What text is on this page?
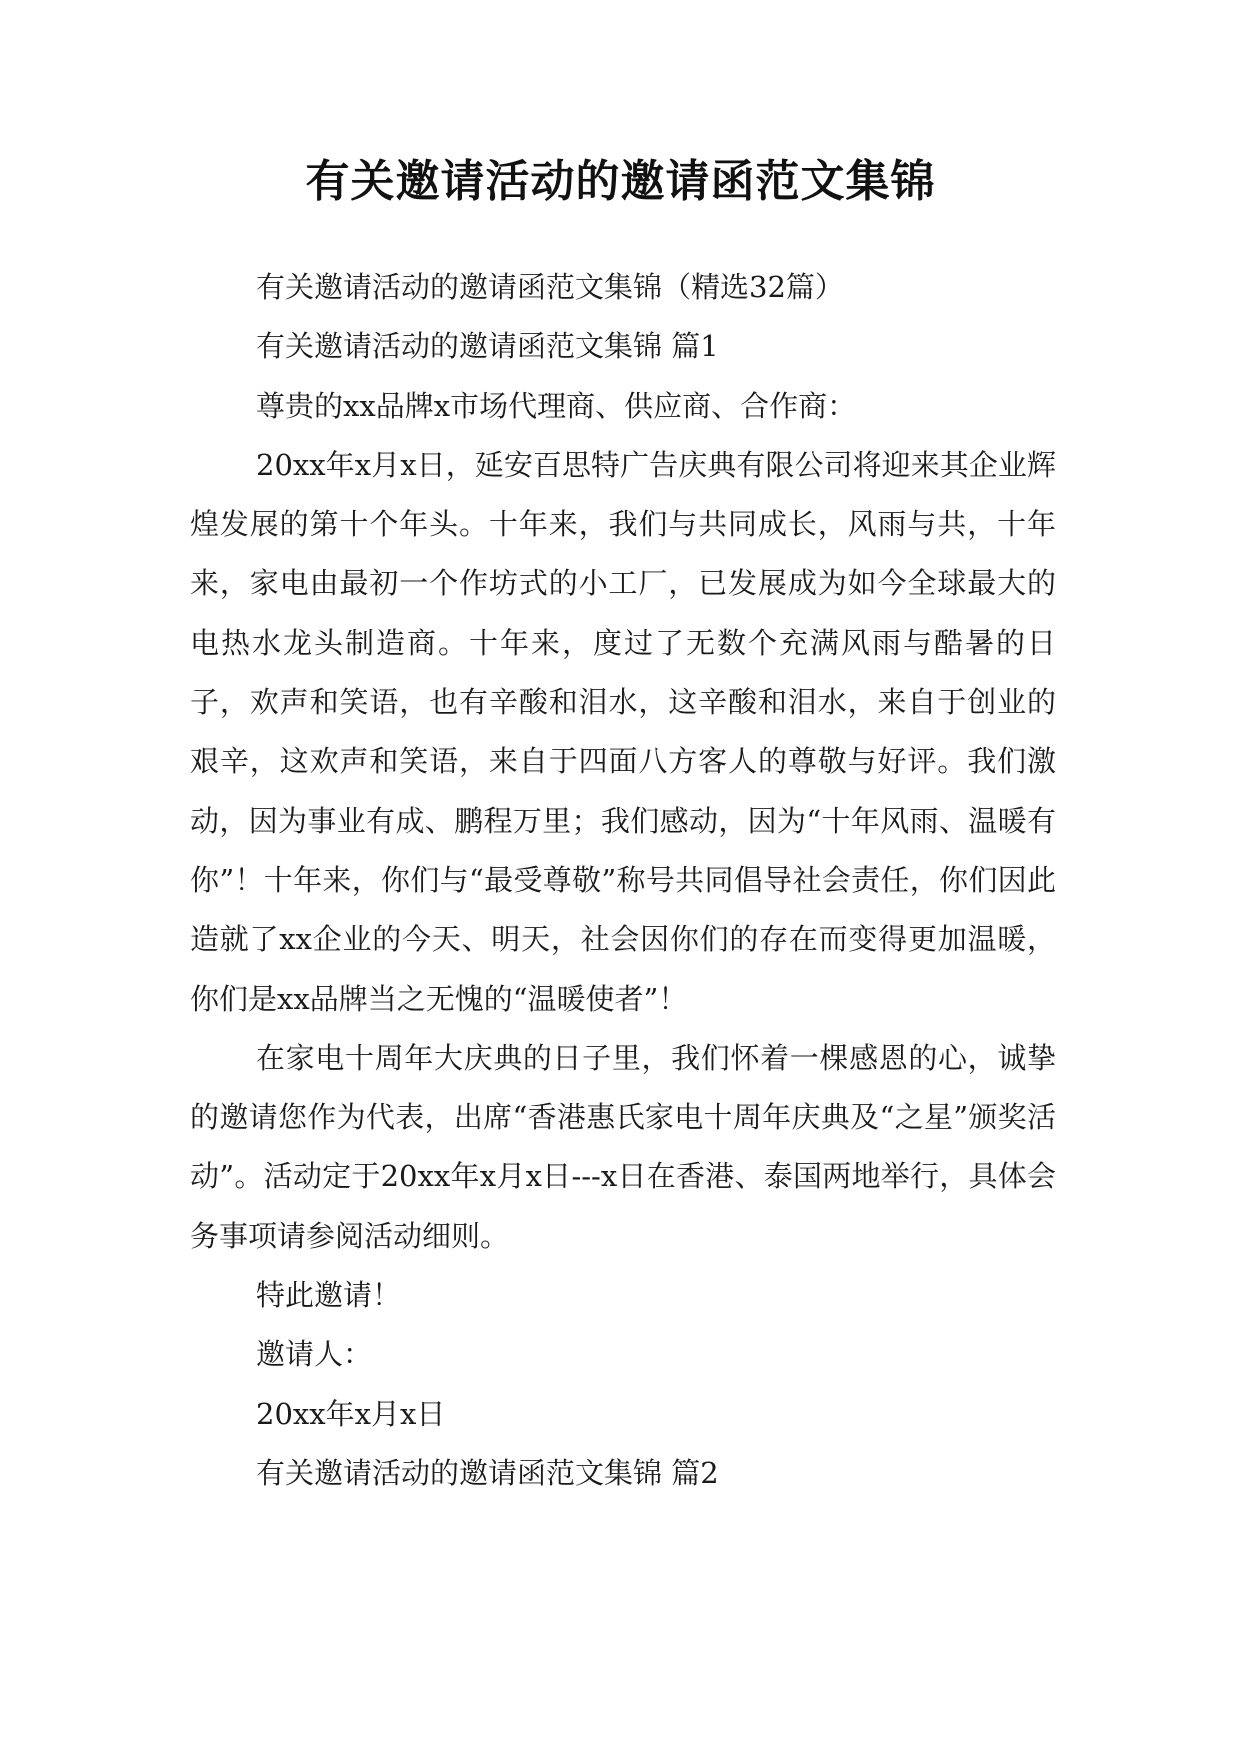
有关邀请活动的邀请函范文集锦

有关邀请活动的邀请函范文集锦（精选32篇）

有关邀请活动的邀请函范文集锦 篇1

尊贵的xx品牌x市场代理商、供应商、合作商：

20xx年x月x日，延安百思特广告庆典有限公司将迎来其企业辉煌发展的第十个年头。十年来，我们与共同成长，风雨与共，十年来，家电由最初一个作坊式的小工厂，已发展成为如今全球最大的电热水龙头制造商。十年来，度过了无数个充满风雨与酷暑的日子，欢声和笑语，也有辛酸和泪水，这辛酸和泪水，来自于创业的艰辛，这欢声和笑语，来自于四面八方客人的尊敬与好评。我们激动，因为事业有成、鹏程万里；我们感动，因为“十年风雨、温暖有你”！十年来，你们与“最受尊敬”称号共同倡导社会责任，你们因此造就了xx企业的今天、明天，社会因你们的存在而变得更加温暖，你们是xx品牌当之无愧的“温暖使者”！

在家电十周年大庆典的日子里，我们怀着一棵感恩的心，诚挚的邀请您作为代表，出席“香港惠氏家电十周年庆典及“之星”颁奖活动”。活动定于20xx年x月x日---x日在香港、泰国两地举行，具体会务事项请参阅活动细则。

特此邀请！

邀请人：

20xx年x月x日

有关邀请活动的邀请函范文集锦 篇2
